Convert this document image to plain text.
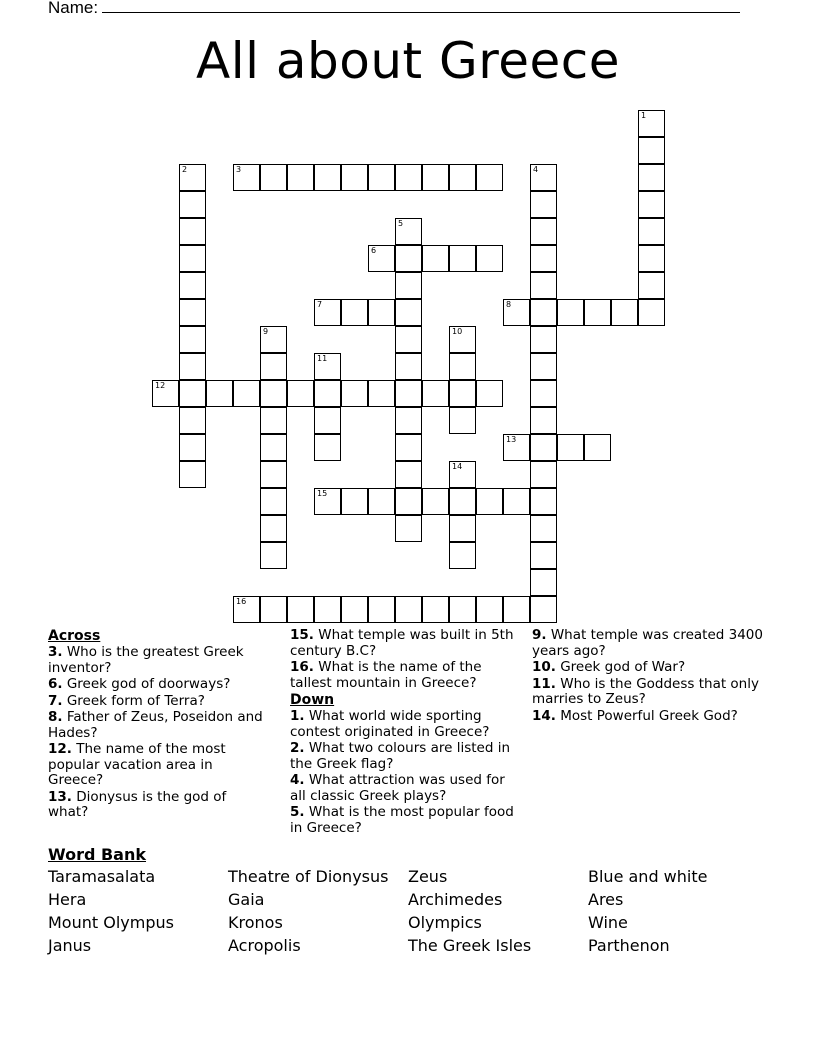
Name:
All about Greece
1
2	3	4
5
6
7	8
9	10
11
12
13
14
15
16
Across
3. Who is the greatest Greek inventor?
6. Greek god of doorways?
7. Greek form of Terra?
8. Father of Zeus, Poseidon and Hades?
12. The name of the most popular vacation area in Greece?
13. Dionysus is the god of what?
15. What temple was built in 5th century B.C?
16. What is the name of the tallest mountain in Greece?
Down
1. What world wide sporting contest originated in Greece?
2. What two colours are listed in the Greek flag?
4. What attraction was used for all classic Greek plays?
5. What is the most popular food in Greece?
9. What temple was created 3400 years ago?
10. Greek god of War?
11. Who is the Goddess that only marries to Zeus?
14. Most Powerful Greek God?
Word Bank
Taramasalata	Theatre of Dionysus	Zeus	Blue and white
Hera	Gaia	Archimedes	Ares
Mount Olympus	Kronos	Olympics	Wine
Janus	Acropolis	The Greek Isles	Parthenon
